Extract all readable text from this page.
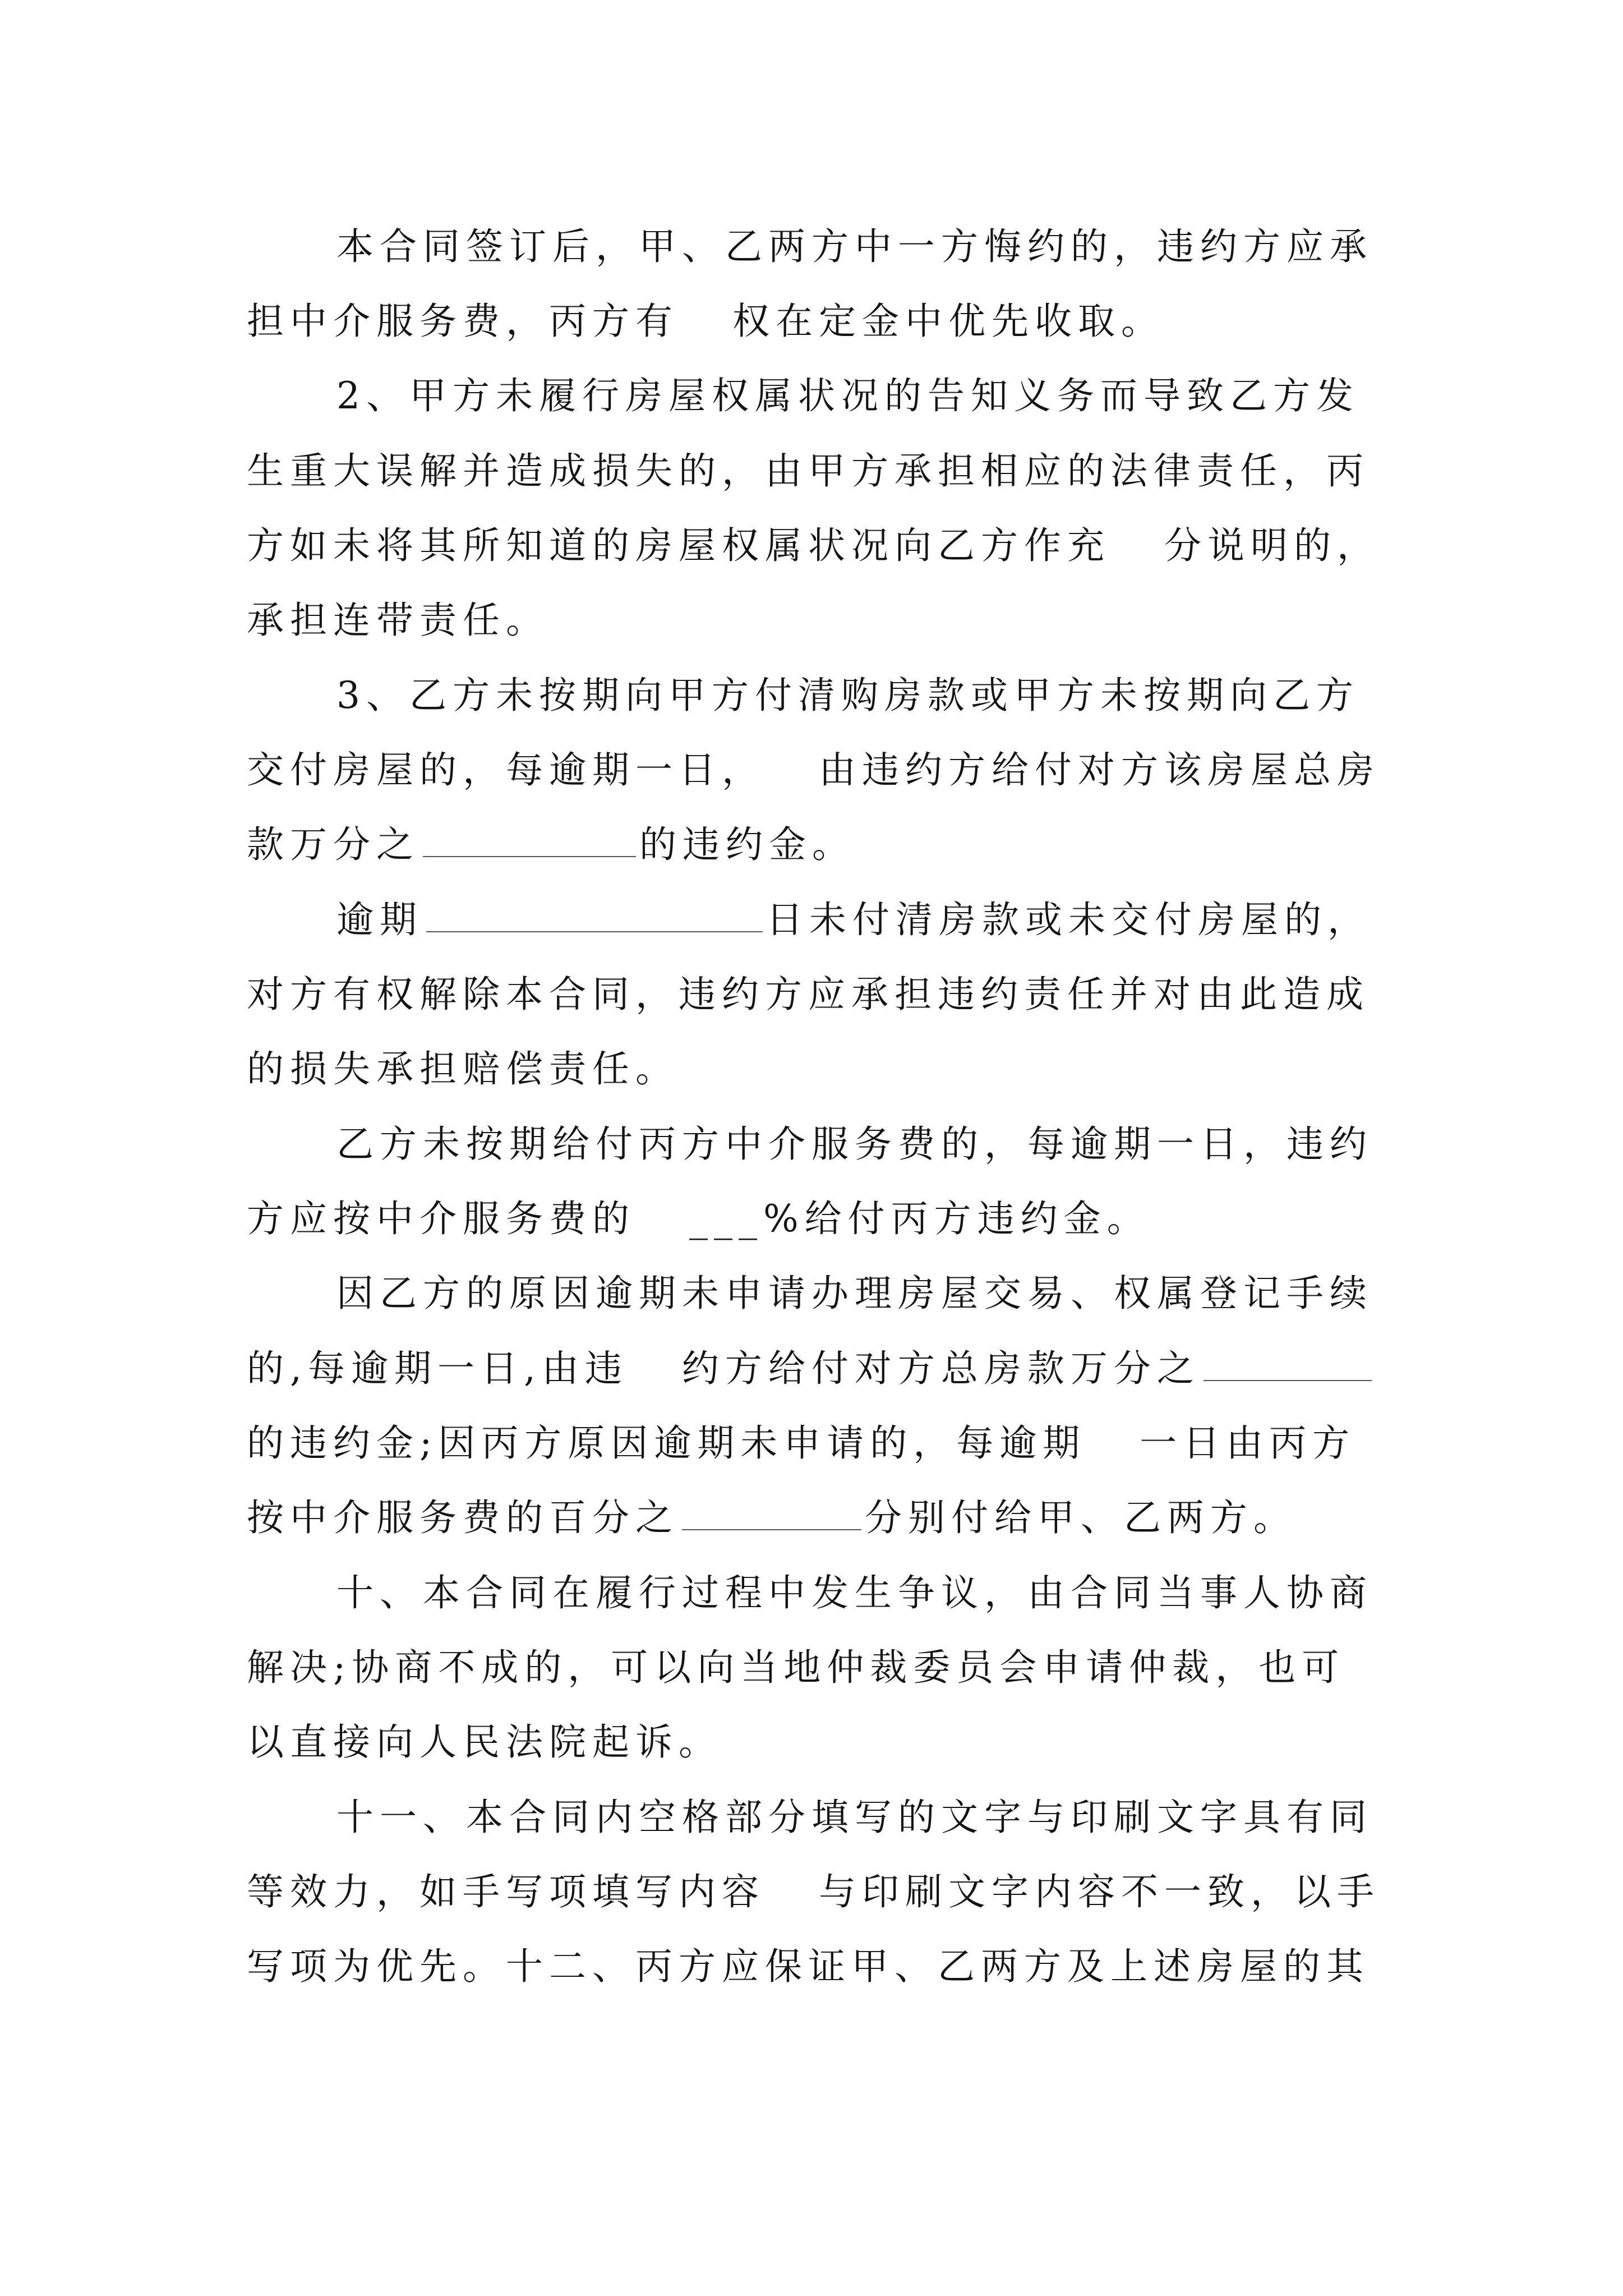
本合同签订后，甲、乙两方中一方悔约的，违约方应承
担中介服务费，丙方有   权在定金中优先收取。
2、甲方未履行房屋权属状况的告知义务而导致乙方发
生重大误解并造成损失的，由甲方承担相应的法律责任，丙
方如未将其所知道的房屋权属状况向乙方作充   分说明的，
承担连带责任。
3、乙方未按期向甲方付清购房款或甲方未按期向乙方
交付房屋的，每逾期一日，   由违约方给付对方该房屋总房
款万分之	的违约金。
逾期	日未付清房款或未交付房屋的，
对方有权解除本合同，违约方应承担违约责任并对由此造成
的损失承担赔偿责任。
乙方未按期给付丙方中介服务费的，每逾期一日，违约
方应按中介服务费的   ___%给付丙方违约金。
因乙方的原因逾期未申请办理房屋交易、权属登记手续
的,每逾期一日,由违   约方给付对方总房款万分之
的违约金;因丙方原因逾期未申请的，每逾期   一日由丙方
按中介服务费的百分之	分别付给甲、乙两方。
十、本合同在履行过程中发生争议，由合同当事人协商
解决;协商不成的，可以向当地仲裁委员会申请仲裁，也可
以直接向人民法院起诉。
十一、本合同内空格部分填写的文字与印刷文字具有同
等效力，如手写项填写内容   与印刷文字内容不一致，以手
写项为优先。十二、丙方应保证甲、乙两方及上述房屋的其
